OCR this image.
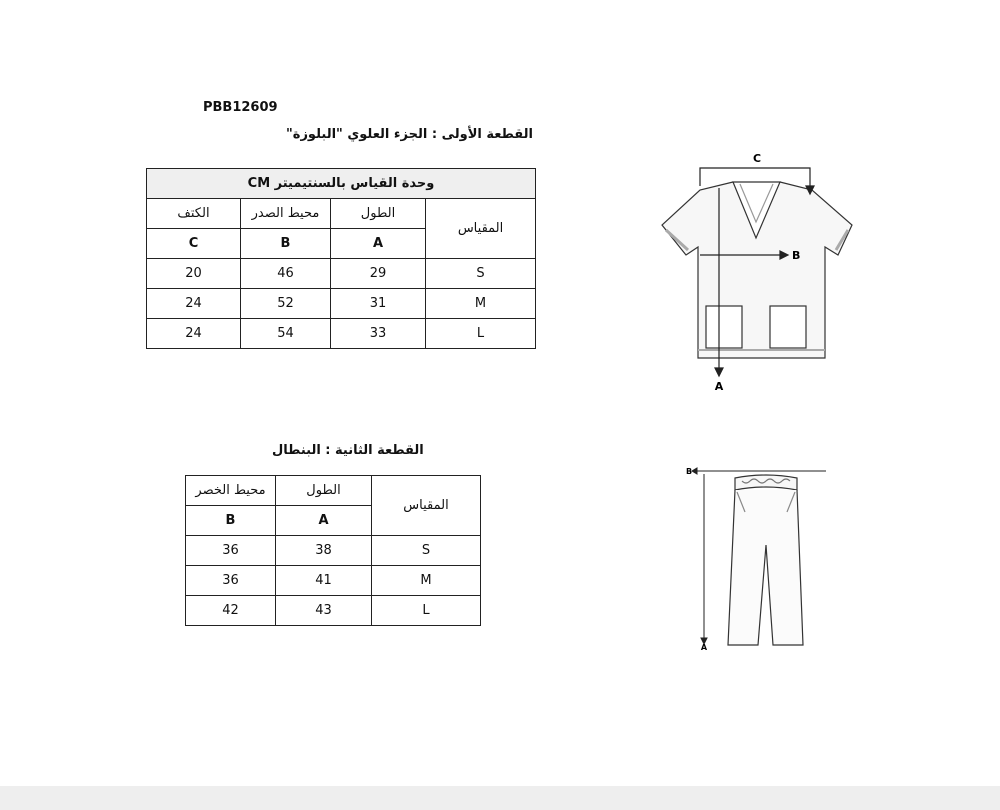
PBB12609
القطعة الأولى : الجزء العلوي "البلوزة"
وحدة القياس بالسنتيميتر CM			
الكتف	محيط الصدر	الطول	المقياس
C	B	A	
20	46	29	S
24	52	31	M
24	54	33	L
C
B
A
القطعة الثانية : البنطال
محيط الخصر	الطول	المقياس
B	A	
36	38	S
36	41	M
42	43	L
B
A
